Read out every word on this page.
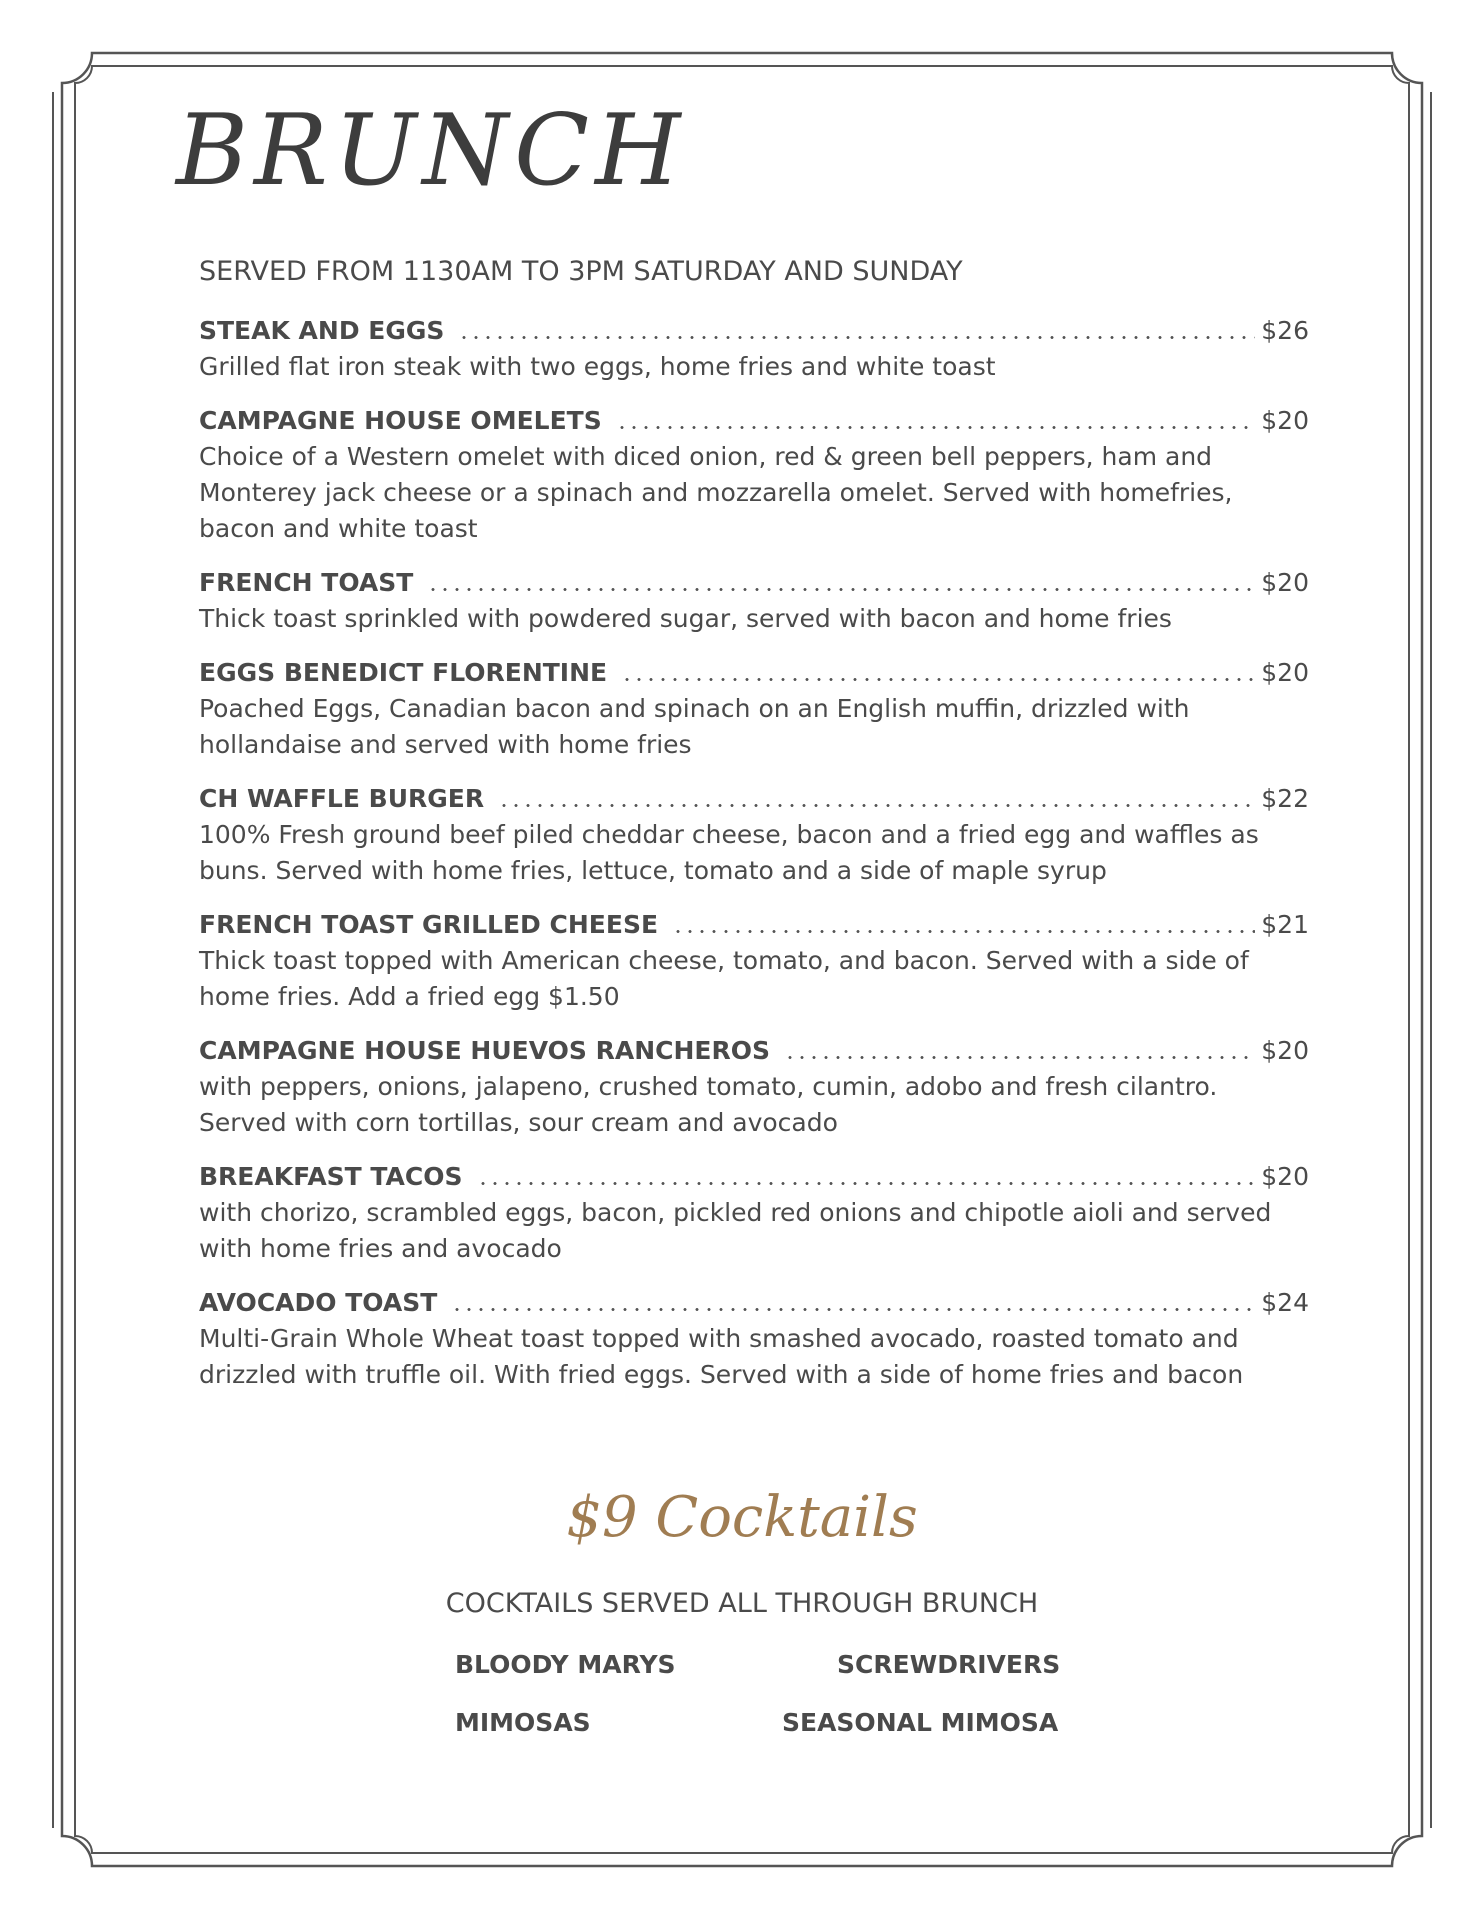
BRUNCH

SERVED FROM 1130AM TO 3PM SATURDAY AND SUNDAY

STEAK AND EGGS	$26
Grilled flat iron steak with two eggs, home fries and white toast
CAMPAGNE HOUSE OMELETS	$20
Choice of a Western omelet with diced onion, red & green bell peppers, ham and Monterey jack cheese or a spinach and mozzarella omelet. Served with homefries, bacon and white toast
FRENCH TOAST	$20
Thick toast sprinkled with powdered sugar, served with bacon and home fries
EGGS BENEDICT FLORENTINE	$20
Poached Eggs, Canadian bacon and spinach on an English muffin, drizzled with hollandaise and served with home fries
CH WAFFLE BURGER	$22
100% Fresh ground beef piled cheddar cheese, bacon and a fried egg and waffles as buns. Served with home fries, lettuce, tomato and a side of maple syrup
FRENCH TOAST GRILLED CHEESE	$21
Thick toast topped with American cheese, tomato, and bacon. Served with a side of home fries. Add a fried egg $1.50
CAMPAGNE HOUSE HUEVOS RANCHEROS	$20
with peppers, onions, jalapeno, crushed tomato, cumin, adobo and fresh cilantro. Served with corn tortillas, sour cream and avocado
BREAKFAST TACOS	$20
with chorizo, scrambled eggs, bacon, pickled red onions and chipotle aioli and served with home fries and avocado
AVOCADO TOAST	$24
Multi-Grain Whole Wheat toast topped with smashed avocado, roasted tomato and drizzled with truffle oil. With fried eggs. Served with a side of home fries and bacon
$9 Cocktails

COCKTAILS SERVED ALL THROUGH BRUNCH

BLOODY MARYS	SCREWDRIVERS
MIMOSAS	SEASONAL MIMOSA
